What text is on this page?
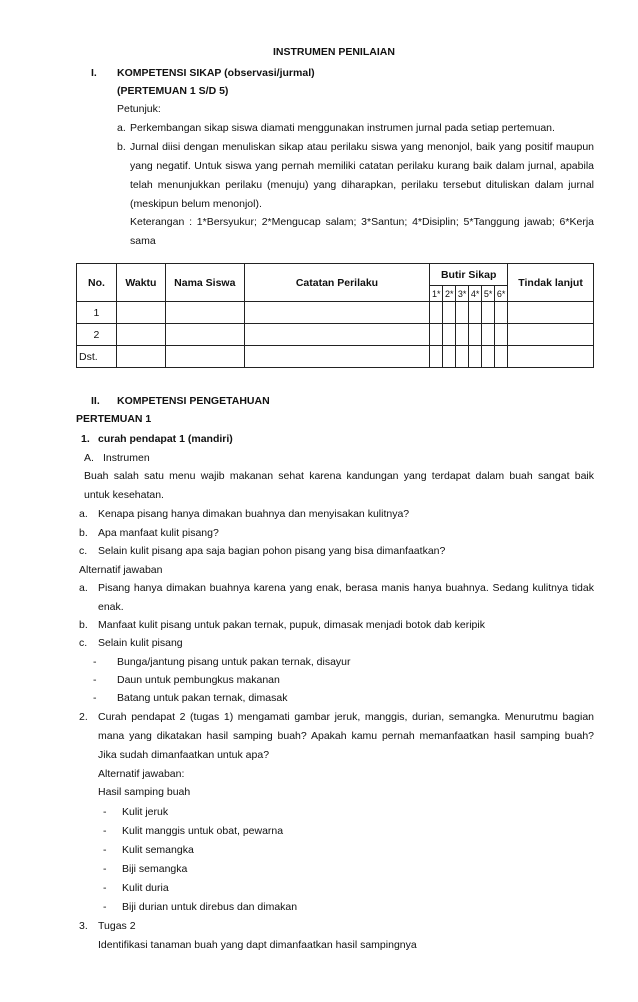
INSTRUMEN PENILAIAN
I. KOMPETENSI SIKAP (observasi/jurmal)
(PERTEMUAN 1 S/D 5)
Petunjuk:
a. Perkembangan sikap siswa diamati menggunakan instrumen jurnal pada setiap pertemuan.
b. Jurnal diisi dengan menuliskan sikap atau perilaku siswa yang menonjol, baik yang positif maupun
yang negatif. Untuk siswa yang pernah memiliki catatan perilaku kurang baik dalam jurnal, apabila
telah menunjukkan perilaku (menuju) yang diharapkan, perilaku tersebut dituliskan dalam jurnal
(meskipun belum menonjol).
Keterangan : 1*Bersyukur; 2*Mengucap salam; 3*Santun; 4*Disiplin; 5*Tanggung jawab; 6*Kerja
sama
No.	Waktu	Nama Siswa	Catatan Perilaku	Butir Sikap						Tindak lanjut
				1*	2*	3*	4*	5*	6*	
1										
2										
Dst.										
II. KOMPETENSI PENGETAHUAN
PERTEMUAN 1
1. curah pendapat 1 (mandiri)
A. Instrumen
Buah salah satu menu wajib makanan sehat karena kandungan yang terdapat dalam buah sangat baik
untuk kesehatan.
a. Kenapa pisang hanya dimakan buahnya dan menyisakan kulitnya?
b. Apa manfaat kulit pisang?
c. Selain kulit pisang apa saja bagian pohon pisang yang bisa dimanfaatkan?
Alternatif jawaban
a. Pisang hanya dimakan buahnya karena yang enak, berasa manis hanya buahnya. Sedang kulitnya tidak
enak.
b. Manfaat kulit pisang untuk pakan ternak, pupuk, dimasak menjadi botok dab keripik
c. Selain kulit pisang
- Bunga/jantung pisang untuk pakan ternak, disayur
- Daun untuk pembungkus makanan
- Batang untuk pakan ternak, dimasak
2. Curah pendapat 2 (tugas 1) mengamati gambar jeruk, manggis, durian, semangka. Menurutmu bagian
mana yang dikatakan hasil samping buah? Apakah kamu pernah memanfaatkan hasil samping buah?
Jika sudah dimanfaatkan untuk apa?
Alternatif jawaban:
Hasil samping buah
- Kulit jeruk
- Kulit manggis untuk obat, pewarna
- Kulit semangka
- Biji semangka
- Kulit duria
- Biji durian untuk direbus dan dimakan
3. Tugas 2
Identifikasi tanaman buah yang dapt dimanfaatkan hasil sampingnya
